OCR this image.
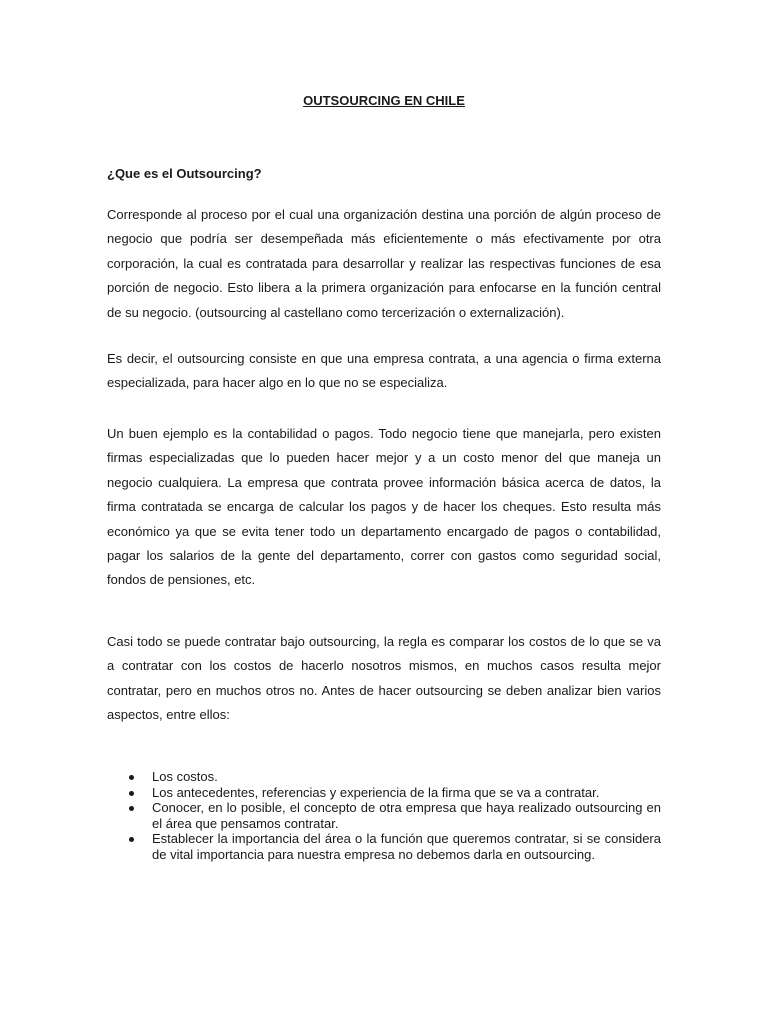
OUTSOURCING EN CHILE
¿Que es el Outsourcing?

Corresponde al proceso por el cual una organización destina una porción de algún proceso de negocio que podría ser desempeñada más eficientemente o más efectivamente por otra corporación, la cual es contratada para desarrollar y realizar las respectivas funciones de esa porción de negocio. Esto libera a la primera organización para enfocarse en la función central de su negocio. (outsourcing al castellano como tercerización o externalización).

Es decir, el outsourcing consiste en que una empresa contrata, a una agencia o firma externa especializada, para hacer algo en lo que no se especializa.

Un buen ejemplo es la contabilidad o pagos. Todo negocio tiene que manejarla, pero existen firmas especializadas que lo pueden hacer mejor y a un costo menor del que maneja un negocio cualquiera. La empresa que contrata provee información básica acerca de datos, la firma contratada se encarga de calcular los pagos y de hacer los cheques. Esto resulta más económico ya que se evita tener todo un departamento encargado de pagos o contabilidad, pagar los salarios de la gente del departamento, correr con gastos como seguridad social, fondos de pensiones, etc.

Casi todo se puede contratar bajo outsourcing, la regla es comparar los costos de lo que se va a contratar con los costos de hacerlo nosotros mismos, en muchos casos resulta mejor contratar, pero en muchos otros no. Antes de hacer outsourcing se deben analizar bien varios aspectos, entre ellos:

Los costos.
Los antecedentes, referencias y experiencia de la firma que se va a contratar.
Conocer, en lo posible, el concepto de otra empresa que haya realizado outsourcing en el área que pensamos contratar.
Establecer la importancia del área o la función que queremos contratar, si se considera de vital importancia para nuestra empresa no debemos darla en outsourcing.
